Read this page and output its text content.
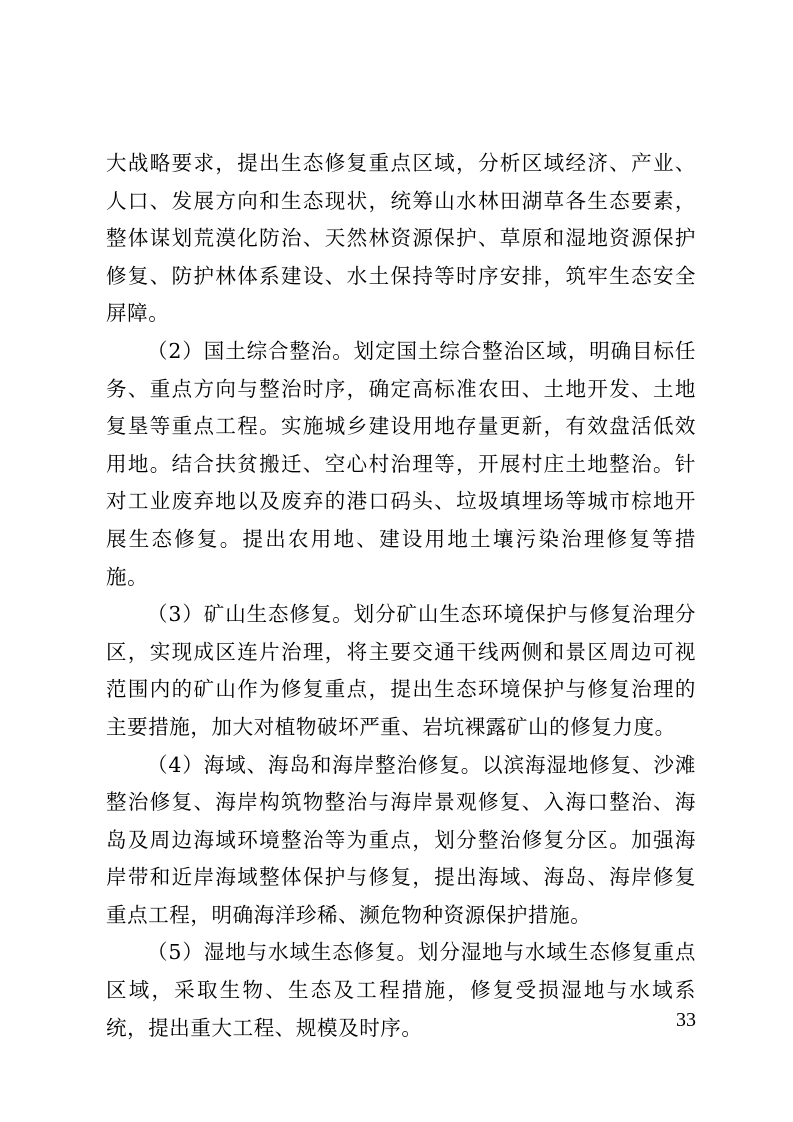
大战略要求，提出生态修复重点区域，分析区域经济、产业、人口、发展方向和生态现状，统筹山水林田湖草各生态要素，整体谋划荒漠化防治、天然林资源保护、草原和湿地资源保护修复、防护林体系建设、水土保持等时序安排，筑牢生态安全屏障。

（2）国土综合整治。划定国土综合整治区域，明确目标任务、重点方向与整治时序，确定高标准农田、土地开发、土地复垦等重点工程。实施城乡建设用地存量更新，有效盘活低效用地。结合扶贫搬迁、空心村治理等，开展村庄土地整治。针对工业废弃地以及废弃的港口码头、垃圾填埋场等城市棕地开展生态修复。提出农用地、建设用地土壤污染治理修复等措施。

（3）矿山生态修复。划分矿山生态环境保护与修复治理分区，实现成区连片治理，将主要交通干线两侧和景区周边可视范围内的矿山作为修复重点，提出生态环境保护与修复治理的主要措施，加大对植物破坏严重、岩坑裸露矿山的修复力度。

（4）海域、海岛和海岸整治修复。以滨海湿地修复、沙滩整治修复、海岸构筑物整治与海岸景观修复、入海口整治、海岛及周边海域环境整治等为重点，划分整治修复分区。加强海岸带和近岸海域整体保护与修复，提出海域、海岛、海岸修复重点工程，明确海洋珍稀、濒危物种资源保护措施。

（5）湿地与水域生态修复。划分湿地与水域生态修复重点区域，采取生物、生态及工程措施，修复受损湿地与水域系统，提出重大工程、规模及时序。	33
